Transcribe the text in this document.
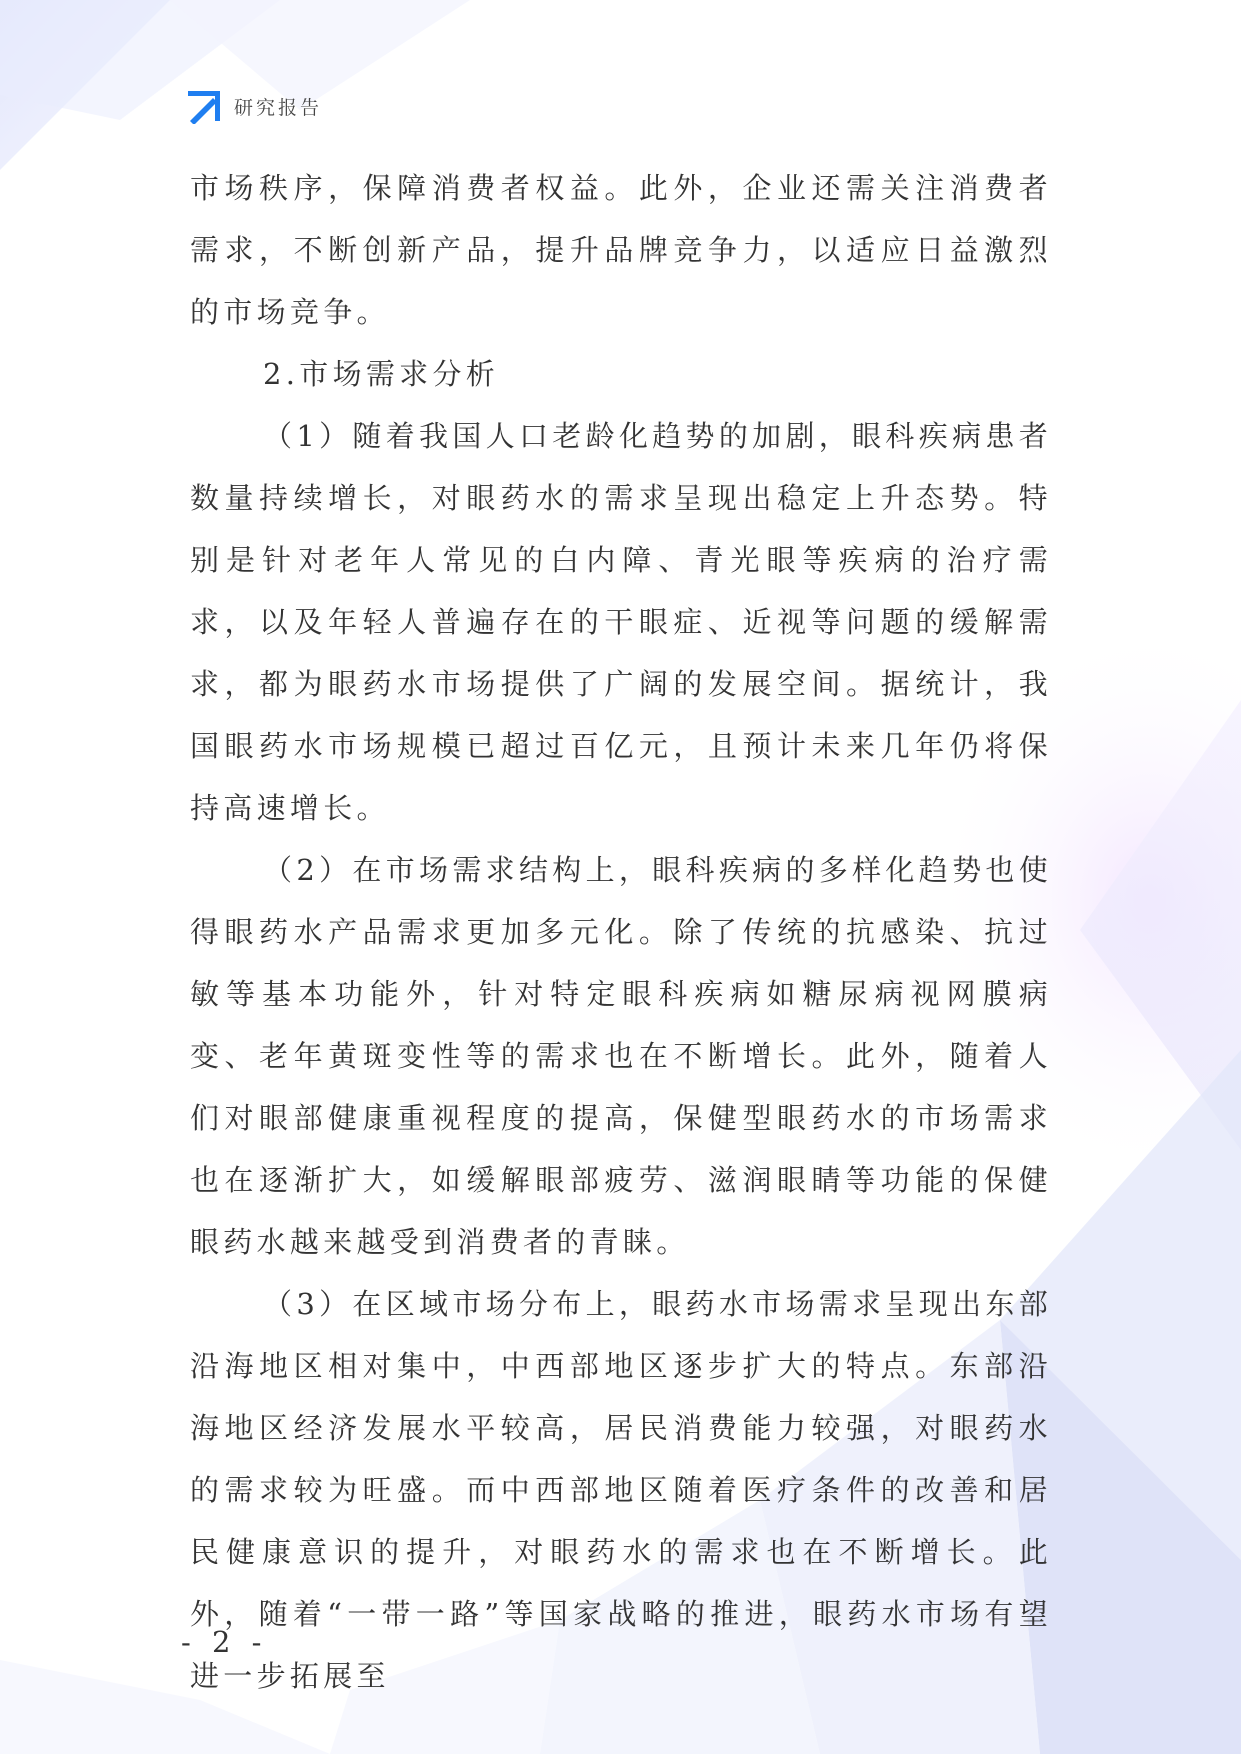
研究报告

市场秩序，保障消费者权益。此外，企业还需关注消费者需求，不断创新产品，提升品牌竞争力，以适应日益激烈的市场竞争。

2.市场需求分析

（1）随着我国人口老龄化趋势的加剧，眼科疾病患者数量持续增长，对眼药水的需求呈现出稳定上升态势。特别是针对老年人常见的白内障、青光眼等疾病的治疗需求，以及年轻人普遍存在的干眼症、近视等问题的缓解需求，都为眼药水市场提供了广阔的发展空间。据统计，我国眼药水市场规模已超过百亿元，且预计未来几年仍将保持高速增长。

（2）在市场需求结构上，眼科疾病的多样化趋势也使得眼药水产品需求更加多元化。除了传统的抗感染、抗过敏等基本功能外，针对特定眼科疾病如糖尿病视网膜病变、老年黄斑变性等的需求也在不断增长。此外，随着人们对眼部健康重视程度的提高，保健型眼药水的市场需求也在逐渐扩大，如缓解眼部疲劳、滋润眼睛等功能的保健眼药水越来越受到消费者的青睐。

（3）在区域市场分布上，眼药水市场需求呈现出东部沿海地区相对集中，中西部地区逐步扩大的特点。东部沿海地区经济发展水平较高，居民消费能力较强，对眼药水的需求较为旺盛。而中西部地区随着医疗条件的改善和居民健康意识的提升，对眼药水的需求也在不断增长。此外，随着“一带一路”等国家战略的推进，眼药水市场有望进一步拓展至

- 2 -
